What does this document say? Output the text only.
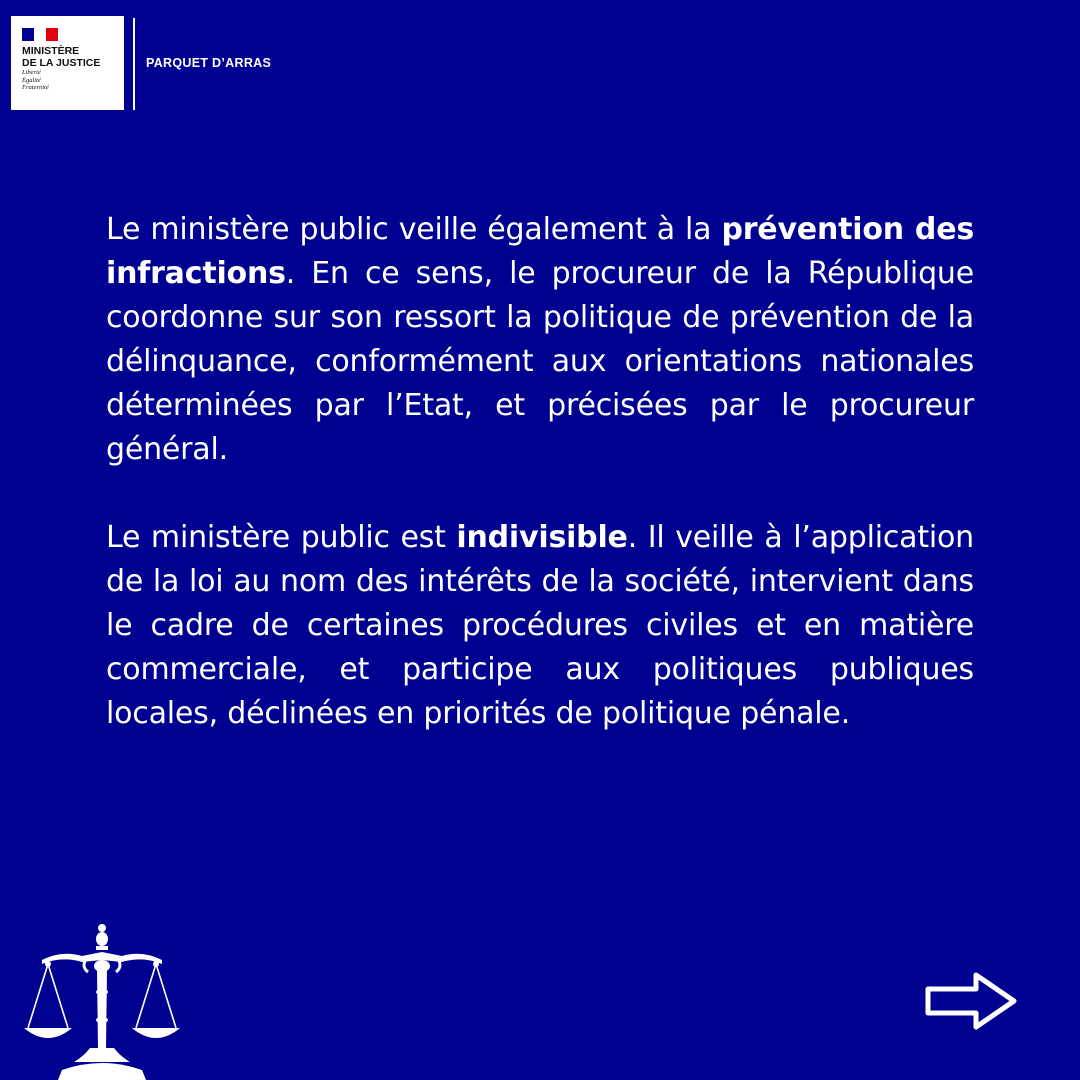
MINISTÈRE
DE LA JUSTICE
Liberté
Égalité
Fraternité
PARQUET D’ARRAS

Le ministère public veille également à la prévention des infractions. En ce sens, le procureur de la République coordonne sur son ressort la politique de prévention de la délinquance, conformément aux orientations nationales déterminées par l’Etat, et précisées par le procureur général.

Le ministère public est indivisible. Il veille à l’application de la loi au nom des intérêts de la société, intervient dans le cadre de certaines procédures civiles et en matière commerciale, et participe aux politiques publiques locales, déclinées en priorités de politique pénale.
